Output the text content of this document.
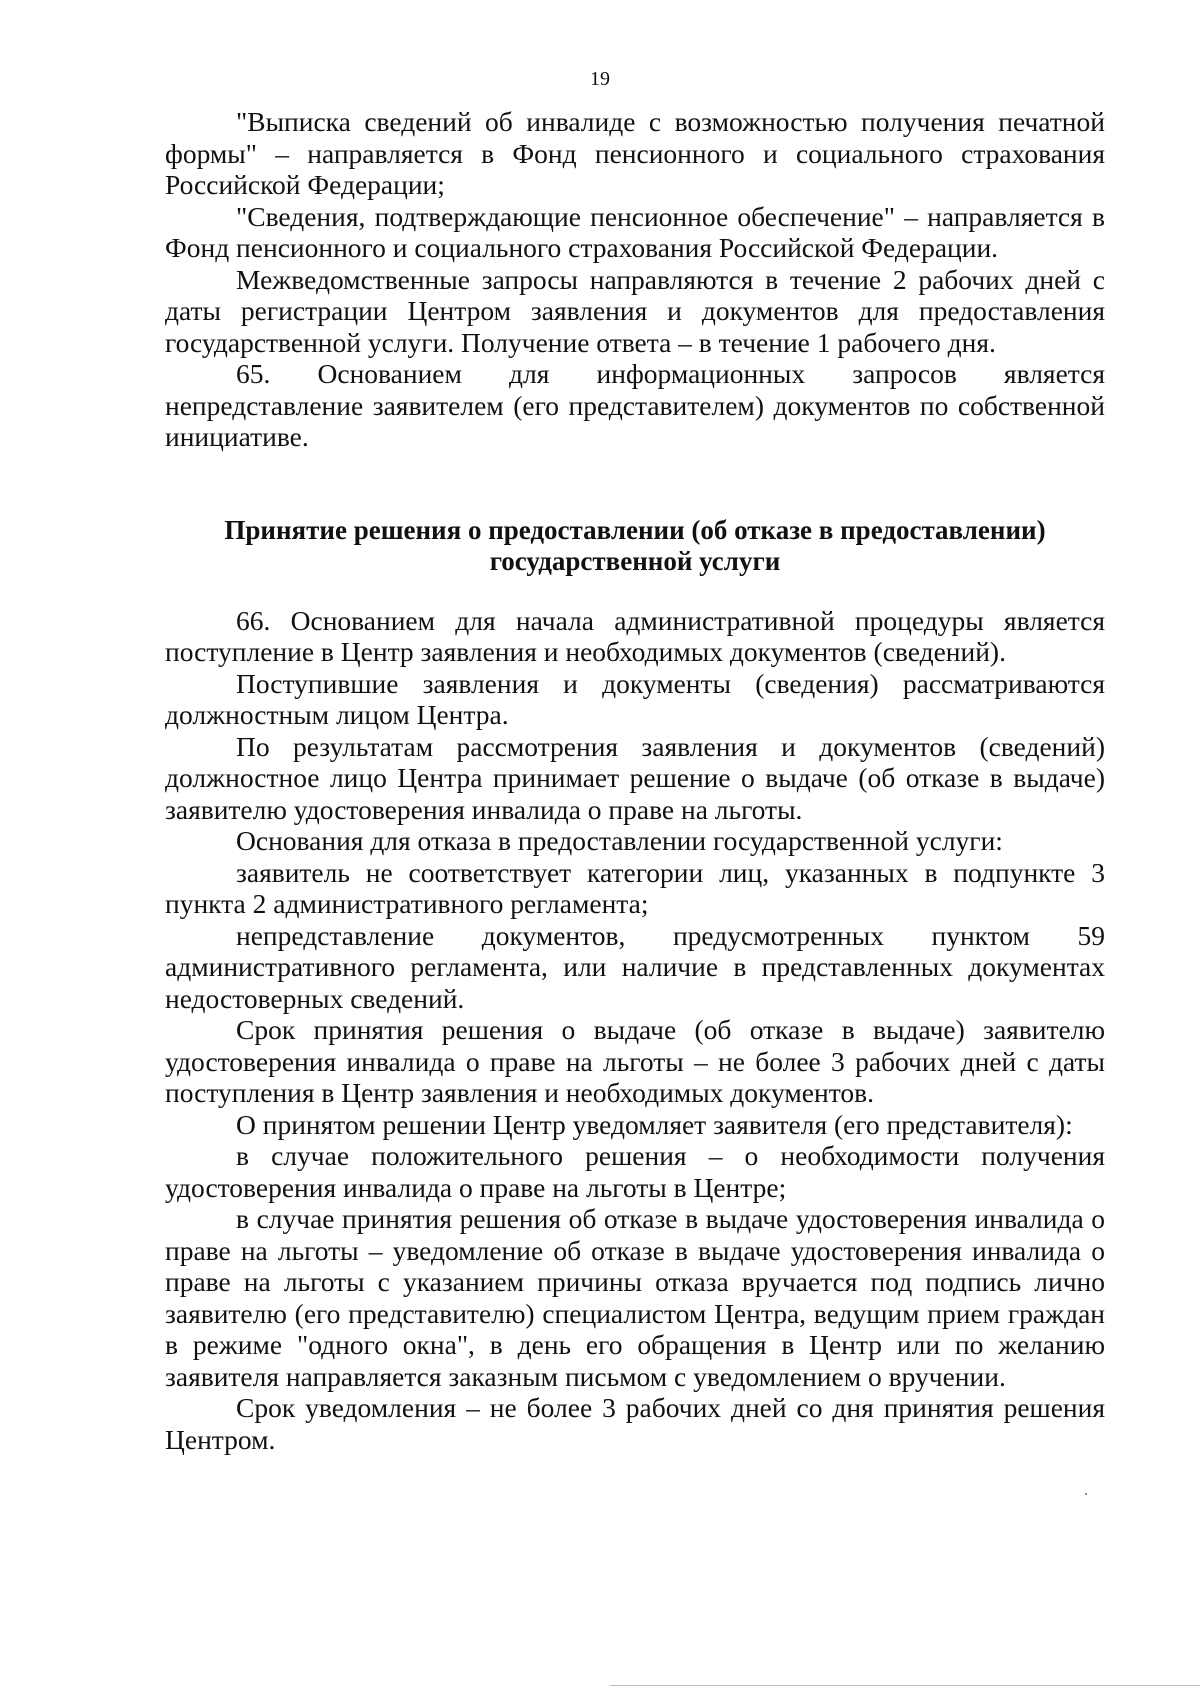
19

"Выписка сведений об инвалиде с возможностью получения печатной формы" – направляется в Фонд пенсионного и социального страхования Российской Федерации;

"Сведения, подтверждающие пенсионное обеспечение" – направляется в Фонд пенсионного и социального страхования Российской Федерации.

Межведомственные запросы направляются в течение 2 рабочих дней с даты регистрации Центром заявления и документов для предоставления государственной услуги. Получение ответа – в течение 1 рабочего дня.

65. Основанием для информационных запросов является непредставление заявителем (его представителем) документов по собственной инициативе.

Принятие решения о предоставлении (об отказе в предоставлении)
государственной услуги

66. Основанием для начала административной процедуры является поступление в Центр заявления и необходимых документов (сведений).

Поступившие заявления и документы (сведения) рассматриваются должностным лицом Центра.

По результатам рассмотрения заявления и документов (сведений) должностное лицо Центра принимает решение о выдаче (об отказе в выдаче) заявителю удостоверения инвалида о праве на льготы.

Основания для отказа в предоставлении государственной услуги:

заявитель не соответствует категории лиц, указанных в подпункте 3 пункта 2 административного регламента;

непредставление документов, предусмотренных пунктом 59 административного регламента, или наличие в представленных документах недостоверных сведений.

Срок принятия решения о выдаче (об отказе в выдаче) заявителю удостоверения инвалида о праве на льготы – не более 3 рабочих дней с даты поступления в Центр заявления и необходимых документов.

О принятом решении Центр уведомляет заявителя (его представителя):

в случае положительного решения – о необходимости получения удостоверения инвалида о праве на льготы в Центре;

в случае принятия решения об отказе в выдаче удостоверения инвалида о праве на льготы – уведомление об отказе в выдаче удостоверения инвалида о праве на льготы с указанием причины отказа вручается под подпись лично заявителю (его представителю) специалистом Центра, ведущим прием граждан в режиме "одного окна", в день его обращения в Центр или по желанию заявителя направляется заказным письмом с уведомлением о вручении.

Срок уведомления – не более 3 рабочих дней со дня принятия решения Центром.
